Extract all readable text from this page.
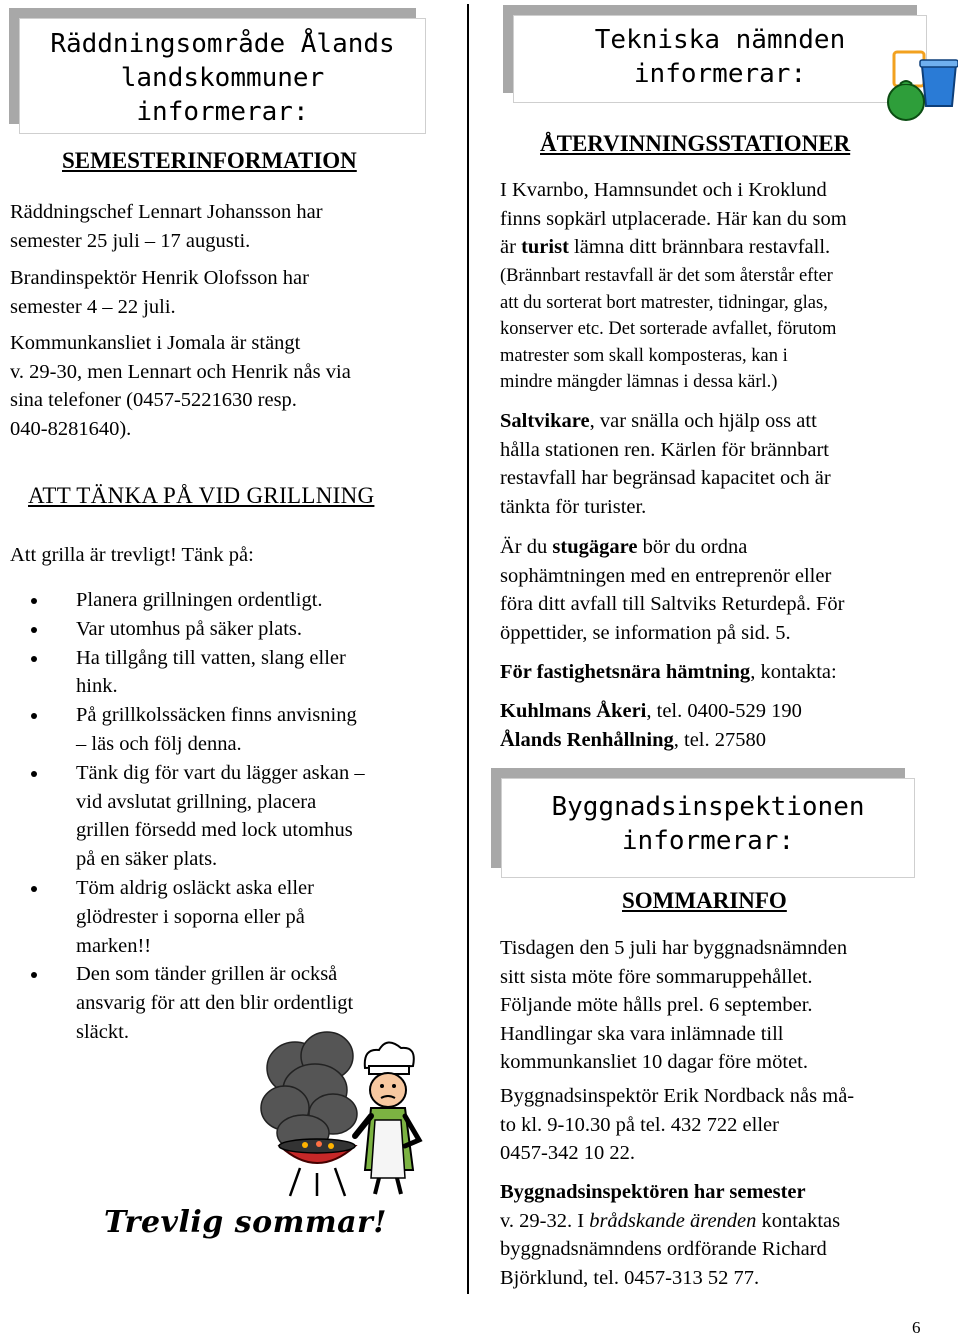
Räddningsområde Ålands
landskommuner
informerar:
SEMESTERINFORMATION
Räddningschef Lennart Johansson har
semester 25 juli – 17 augusti.
Brandinspektör Henrik Olofsson har
semester 4 – 22 juli.
Kommunkansliet i Jomala är stängt
v. 29-30, men Lennart och Henrik nås via
sina telefoner (0457-5221630 resp.
040-8281640).
ATT TÄNKA PÅ VID GRILLNING
Att grilla är trevligt! Tänk på:
Planera grillningen ordentligt.
Var utomhus på säker plats.
Ha tillgång till vatten, slang eller
hink.
På grillkolssäcken finns anvisning
– läs och följ denna.
Tänk dig för vart du lägger askan –
vid avslutat grillning, placera
grillen försedd med lock utomhus
på en säker plats.
Töm aldrig osläckt aska eller
glödrester i soporna eller på
marken!!
Den som tänder grillen är också
ansvarig för att den blir ordentligt
släckt.
Trevlig sommar!
Tekniska nämnden
informerar:
ÅTERVINNINGSSTATIONER
I Kvarnbo, Hamnsundet och i Kroklund
finns sopkärl utplacerade. Här kan du som
är turist lämna ditt brännbara restavfall.
(Brännbart restavfall är det som återstår efter
att du sorterat bort matrester, tidningar, glas,
konserver etc. Det sorterade avfallet, förutom
matrester som skall komposteras, kan i
mindre mängder lämnas i dessa kärl.)
Saltvikare, var snälla och hjälp oss att
hålla stationen ren. Kärlen för brännbart
restavfall har begränsad kapacitet och är
tänkta för turister.
Är du stugägare bör du ordna
sophämtningen med en entreprenör eller
föra ditt avfall till Saltviks Returdepå. För
öppettider, se information på sid. 5.
För fastighetsnära hämtning, kontakta:
Kuhlmans Åkeri, tel. 0400-529 190
Ålands Renhållning, tel. 27580
Byggnadsinspektionen
informerar:
SOMMARINFO
Tisdagen den 5 juli har byggnadsnämnden
sitt sista möte före sommaruppehållet.
Följande möte hålls prel. 6 september.
Handlingar ska vara inlämnade till
kommunkansliet 10 dagar före mötet.
Byggnadsinspektör Erik Nordback nås må-
to kl. 9-10.30 på tel. 432 722 eller
0457-342 10 22.
Byggnadsinspektören har semester
v. 29-32. I brådskande ärenden kontaktas
byggnadsnämndens ordförande Richard
Björklund, tel. 0457-313 52 77.
6
